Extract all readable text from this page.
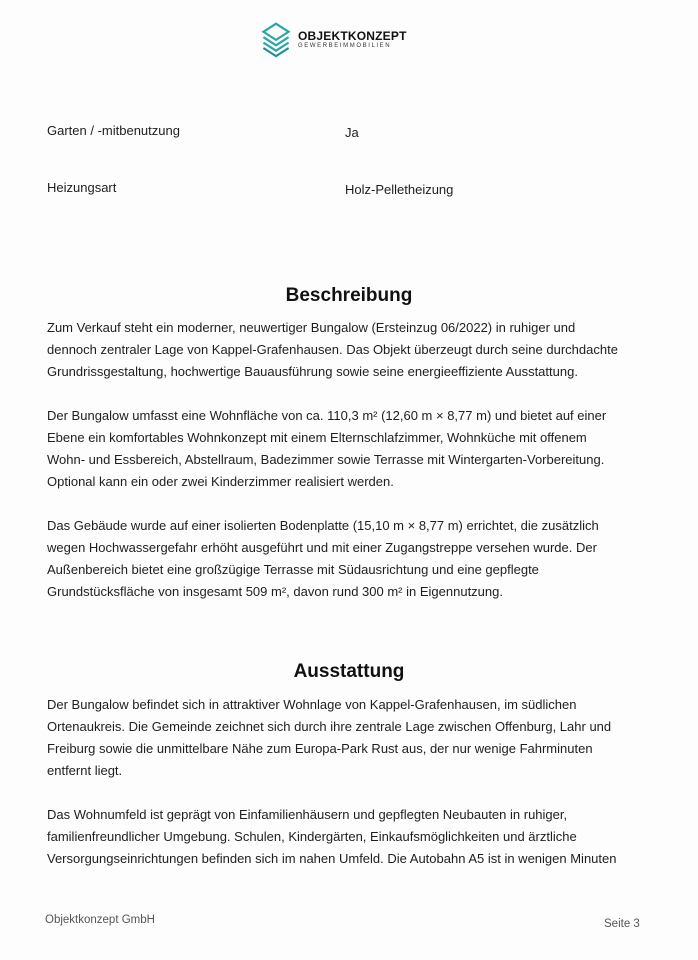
OBJEKTKONZEPT
GEWERBEIMMOBILIEN
Garten / -mitbenutzung	Ja
Heizungsart	Holz-Pelletheizung
Beschreibung

Zum Verkauf steht ein moderner, neuwertiger Bungalow (Ersteinzug 06/2022) in ruhiger und
dennoch zentraler Lage von Kappel-Grafenhausen. Das Objekt überzeugt durch seine durchdachte
Grundrissgestaltung, hochwertige Bauausführung sowie seine energieeffiziente Ausstattung.

Der Bungalow umfasst eine Wohnfläche von ca. 110,3 m² (12,60 m × 8,77 m) und bietet auf einer
Ebene ein komfortables Wohnkonzept mit einem Elternschlafzimmer, Wohnküche mit offenem
Wohn- und Essbereich, Abstellraum, Badezimmer sowie Terrasse mit Wintergarten-Vorbereitung.
Optional kann ein oder zwei Kinderzimmer realisiert werden.

Das Gebäude wurde auf einer isolierten Bodenplatte (15,10 m × 8,77 m) errichtet, die zusätzlich
wegen Hochwassergefahr erhöht ausgeführt und mit einer Zugangstreppe versehen wurde. Der
Außenbereich bietet eine großzügige Terrasse mit Südausrichtung und eine gepflegte
Grundstücksfläche von insgesamt 509 m², davon rund 300 m² in Eigennutzung.

Ausstattung

Der Bungalow befindet sich in attraktiver Wohnlage von Kappel-Grafenhausen, im südlichen
Ortenaukreis. Die Gemeinde zeichnet sich durch ihre zentrale Lage zwischen Offenburg, Lahr und
Freiburg sowie die unmittelbare Nähe zum Europa-Park Rust aus, der nur wenige Fahrminuten
entfernt liegt.

Das Wohnumfeld ist geprägt von Einfamilienhäusern und gepflegten Neubauten in ruhiger,
familienfreundlicher Umgebung. Schulen, Kindergärten, Einkaufsmöglichkeiten und ärztliche
Versorgungseinrichtungen befinden sich im nahen Umfeld. Die Autobahn A5 ist in wenigen Minuten

Objektkonzept GmbH	Seite 3
